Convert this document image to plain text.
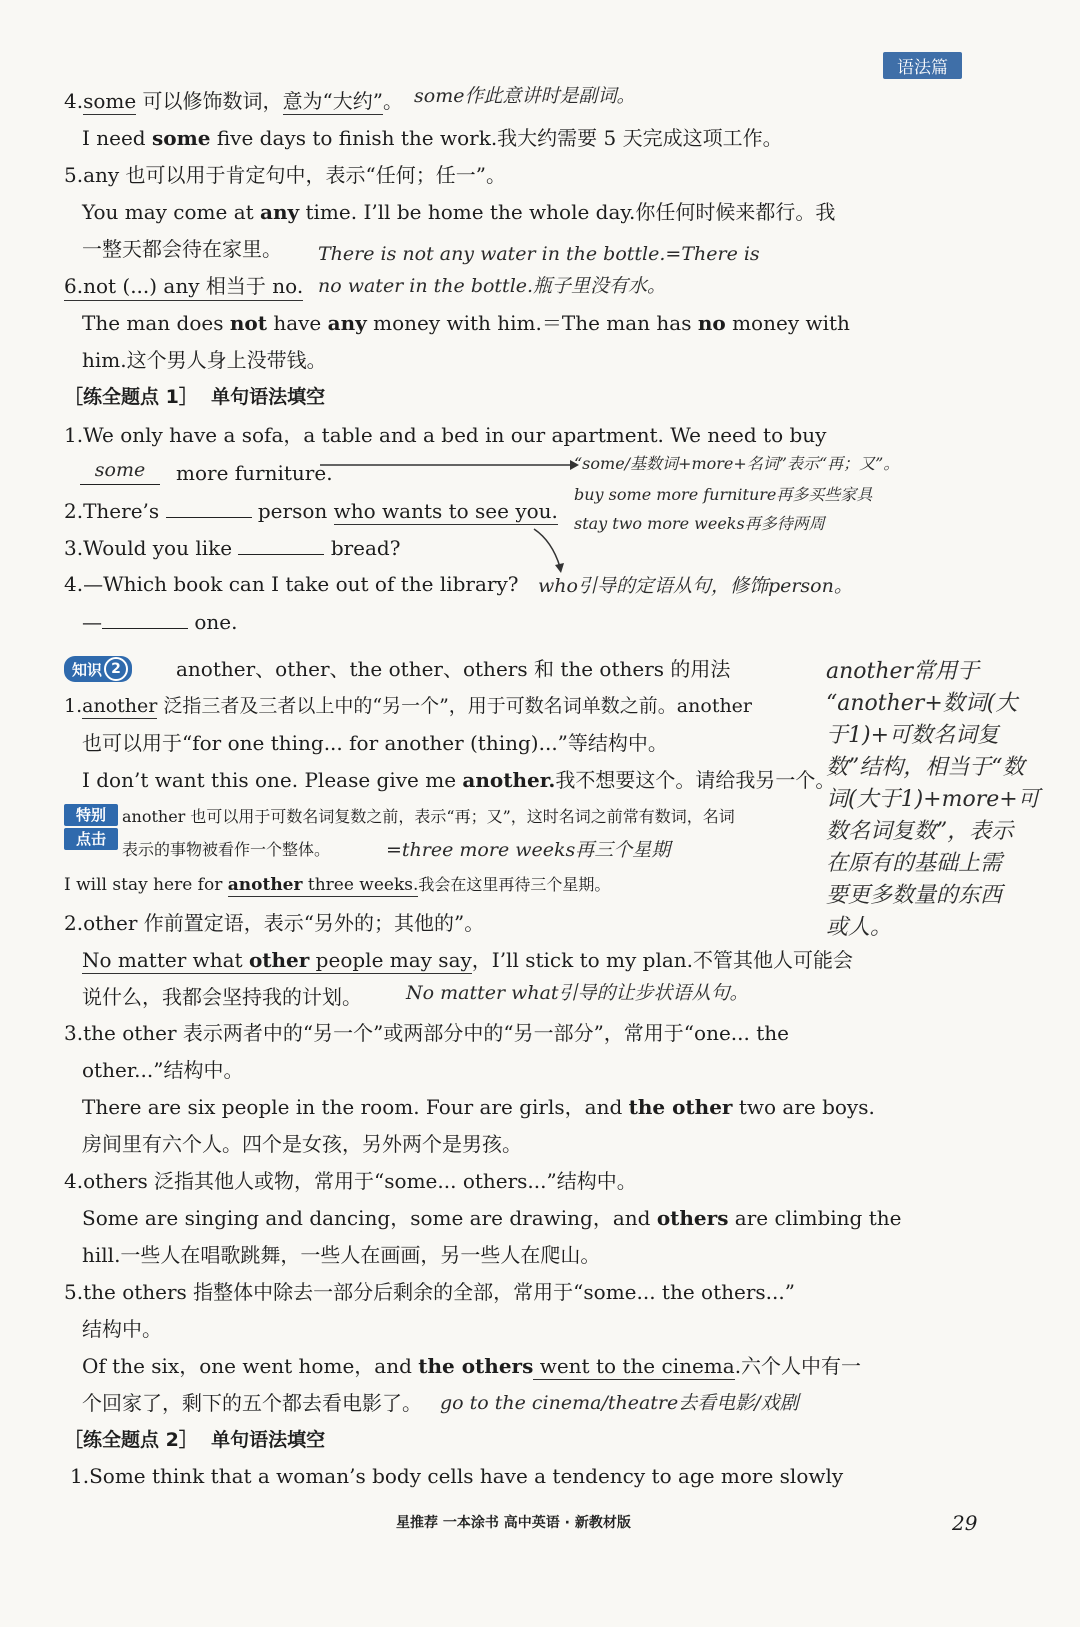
语法篇
4.some 可以修饰数词，意为“大约”。 some作此意讲时是副词。
I need some five days to finish the work.我大约需要 5 天完成这项工作。
5.any 也可以用于肯定句中，表示“任何；任一”。
You may come at any time. I’ll be home the whole day.你任何时候来都行。我
一整天都会待在家里。 There is not any water in the bottle.=There is
6.not (...) any 相当于 no. no water in the bottle.瓶子里没有水。
The man does not have any money with him.＝The man has no money with
him.这个男人身上没带钱。
［练全题点 1］ 单句语法填空
1.We only have a sofa，a table and a bed in our apartment. We need to buy
some	more furniture.	“some/基数词+more+名词”表示“再；又”。
buy some more furniture再多买些家具
stay two more weeks再多待两周
2.There’s	person who wants to see you.
3.Would you like	bread?
4.—Which book can I take out of the library? who引导的定语从句，修饰person。
—	one.
知识 2	another、other、the other、others 和 the others 的用法	another常用于
“another+数词(大
于1)+可数名词复
数”结构，相当于“数
词(大于1)+more+可
数名词复数”，表示
在原有的基础上需
要更多数量的东西
或人。
1.another 泛指三者及三者以上中的“另一个”，用于可数名词单数之前。another
也可以用于“for one thing... for another (thing)...”等结构中。
I don’t want this one. Please give me another.我不想要这个。请给我另一个。
特别
点击
another 也可以用于可数名词复数之前，表示“再；又”，这时名词之前常有数词，名词
表示的事物被看作一个整体。	=three more weeks再三个星期
I will stay here for another three weeks.我会在这里再待三个星期。
2.other 作前置定语，表示“另外的；其他的”。
No matter what other people may say，I’ll stick to my plan.不管其他人可能会
说什么，我都会坚持我的计划。 No matter what引导的让步状语从句。
3.the other 表示两者中的“另一个”或两部分中的“另一部分”，常用于“one... the
other...”结构中。
There are six people in the room. Four are girls，and the other two are boys.
房间里有六个人。四个是女孩，另外两个是男孩。
4.others 泛指其他人或物，常用于“some... others...”结构中。
Some are singing and dancing，some are drawing，and others are climbing the
hill.一些人在唱歌跳舞，一些人在画画，另一些人在爬山。
5.the others 指整体中除去一部分后剩余的全部，常用于“some... the others...”
结构中。
Of the six，one went home，and the others went to the cinema.六个人中有一
个回家了，剩下的五个都去看电影了。 go to the cinema/theatre去看电影/戏剧
［练全题点 2］ 单句语法填空
1.Some think that a woman’s body cells have a tendency to age more slowly
星推荐 一本涂书 高中英语 · 新教材版	29
